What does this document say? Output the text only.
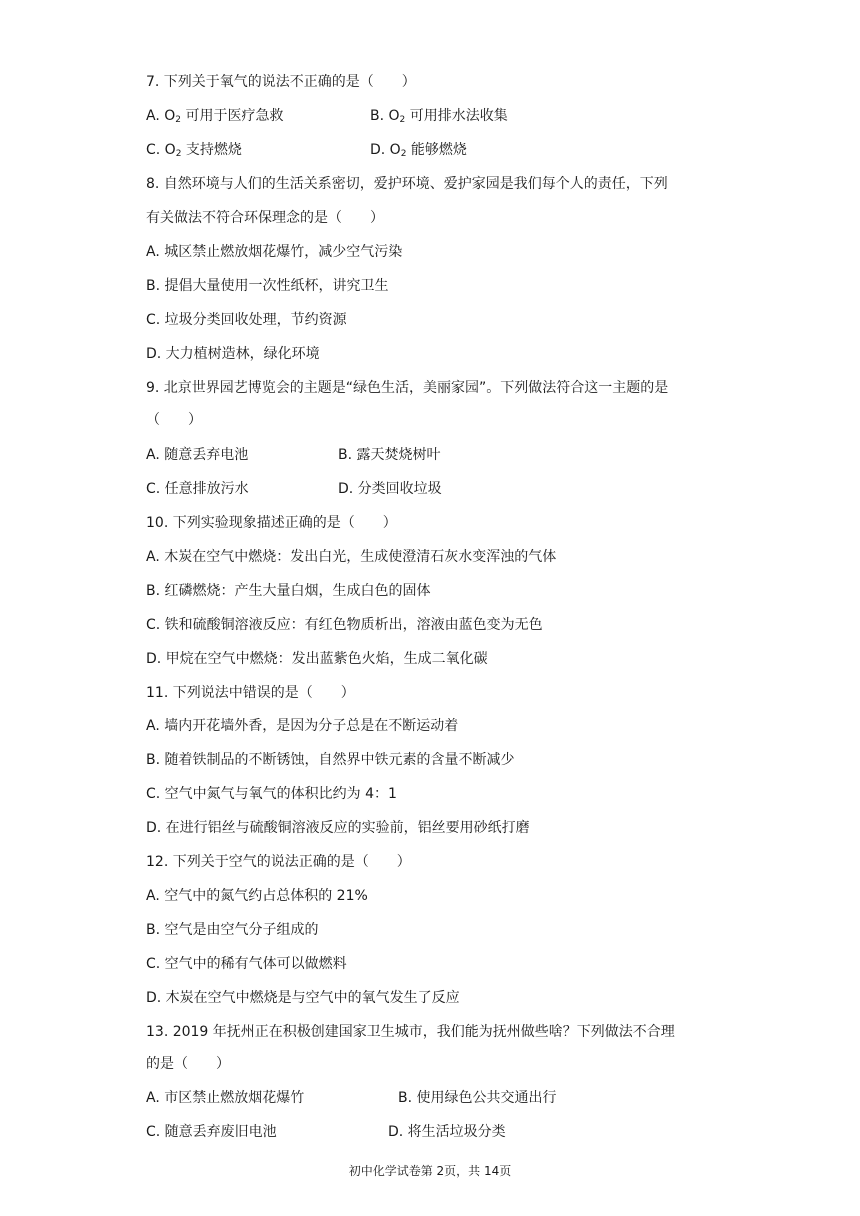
7. 下列关于氧气的说法不正确的是（　　）
A. $O_2$ 可用于医疗急救	B. $O_2$ 可用排水法收集
C. $O_2$ 支持燃烧	D. $O_2$ 能够燃烧
8. 自然环境与人们的生活关系密切，爱护环境、爱护家园是我们每个人的责任，下列
有关做法不符合环保理念的是（　　）
A. 城区禁止燃放烟花爆竹，减少空气污染
B. 提倡大量使用一次性纸杯，讲究卫生
C. 垃圾分类回收处理，节约资源
D. 大力植树造林，绿化环境
9. 北京世界园艺博览会的主题是“绿色生活，美丽家园”。下列做法符合这一主题的是
（　　）
A. 随意丢弃电池	B. 露天焚烧树叶
C. 任意排放污水	D. 分类回收垃圾
10. 下列实验现象描述正确的是（　　）
A. 木炭在空气中燃烧：发出白光，生成使澄清石灰水变浑浊的气体
B. 红磷燃烧：产生大量白烟，生成白色的固体
C. 铁和硫酸铜溶液反应：有红色物质析出，溶液由蓝色变为无色
D. 甲烷在空气中燃烧：发出蓝紫色火焰，生成二氧化碳
11. 下列说法中错误的是（　　）
A. 墙内开花墙外香，是因为分子总是在不断运动着
B. 随着铁制品的不断锈蚀，自然界中铁元素的含量不断减少
C. 空气中氮气与氧气的体积比约为 4：1
D. 在进行铝丝与硫酸铜溶液反应的实验前，铝丝要用砂纸打磨
12. 下列关于空气的说法正确的是（　　）
A. 空气中的氮气约占总体积的 21%
B. 空气是由空气分子组成的
C. 空气中的稀有气体可以做燃料
D. 木炭在空气中燃烧是与空气中的氧气发生了反应
13. 2019 年抚州正在积极创建国家卫生城市，我们能为抚州做些啥？下列做法不合理
的是（　　）
A. 市区禁止燃放烟花爆竹	B. 使用绿色公共交通出行
C. 随意丢弃废旧电池	D. 将生活垃圾分类
初中化学试卷第 2页，共 14页
